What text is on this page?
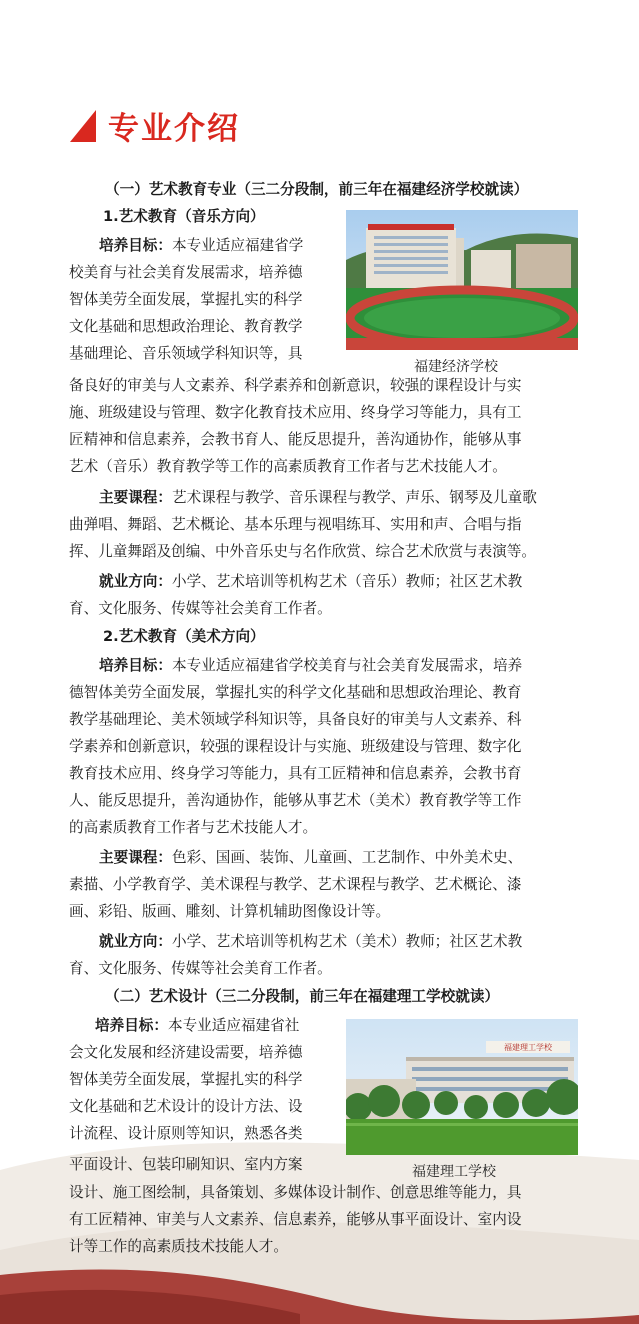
专业介绍
福建经济学校
福建理工学校
福建理工学校
（一）艺术教育专业（三二分段制，前三年在福建经济学校就读）
1.艺术教育（音乐方向）
培养目标：本专业适应福建省学
校美育与社会美育发展需求，培养德
智体美劳全面发展，掌握扎实的科学
文化基础和思想政治理论、教育教学
基础理论、音乐领域学科知识等，具
备良好的审美与人文素养、科学素养和创新意识，较强的课程设计与实
施、班级建设与管理、数字化教育技术应用、终身学习等能力，具有工
匠精神和信息素养，会教书育人、能反思提升，善沟通协作，能够从事
艺术（音乐）教育教学等工作的高素质教育工作者与艺术技能人才。
主要课程：艺术课程与教学、音乐课程与教学、声乐、钢琴及儿童歌
曲弹唱、舞蹈、艺术概论、基本乐理与视唱练耳、实用和声、合唱与指
挥、儿童舞蹈及创编、中外音乐史与名作欣赏、综合艺术欣赏与表演等。
就业方向：小学、艺术培训等机构艺术（音乐）教师；社区艺术教
育、文化服务、传媒等社会美育工作者。
2.艺术教育（美术方向）
培养目标：本专业适应福建省学校美育与社会美育发展需求，培养
德智体美劳全面发展，掌握扎实的科学文化基础和思想政治理论、教育
教学基础理论、美术领域学科知识等，具备良好的审美与人文素养、科
学素养和创新意识，较强的课程设计与实施、班级建设与管理、数字化
教育技术应用、终身学习等能力，具有工匠精神和信息素养，会教书育
人、能反思提升，善沟通协作，能够从事艺术（美术）教育教学等工作
的高素质教育工作者与艺术技能人才。
主要课程：色彩、国画、装饰、儿童画、工艺制作、中外美术史、
素描、小学教育学、美术课程与教学、艺术课程与教学、艺术概论、漆
画、彩铅、版画、雕刻、计算机辅助图像设计等。
就业方向：小学、艺术培训等机构艺术（美术）教师；社区艺术教
育、文化服务、传媒等社会美育工作者。
（二）艺术设计（三二分段制，前三年在福建理工学校就读）
培养目标：本专业适应福建省社
会文化发展和经济建设需要，培养德
智体美劳全面发展，掌握扎实的科学
文化基础和艺术设计的设计方法、设
计流程、设计原则等知识，熟悉各类
平面设计、包装印刷知识、室内方案
设计、施工图绘制，具备策划、多媒体设计制作、创意思维等能力，具
有工匠精神、审美与人文素养、信息素养，能够从事平面设计、室内设
计等工作的高素质技术技能人才。
